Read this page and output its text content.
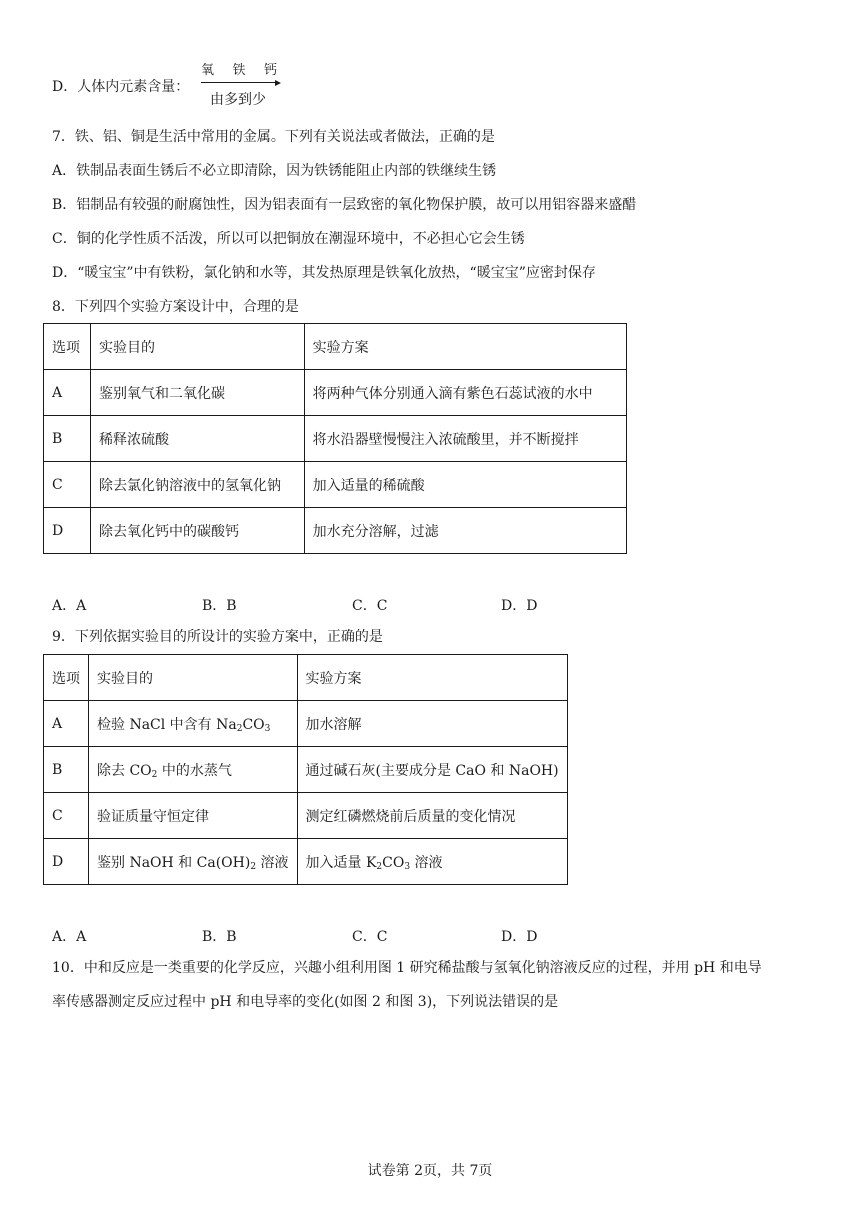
D．人体内元素含量：
氧 铁 钙
由多到少
7．铁、铝、铜是生活中常用的金属。下列有关说法或者做法，正确的是
A．铁制品表面生锈后不必立即清除，因为铁锈能阻止内部的铁继续生锈
B．铝制品有较强的耐腐蚀性，因为铝表面有一层致密的氧化物保护膜，故可以用铝容器来盛醋
C．铜的化学性质不活泼，所以可以把铜放在潮湿环境中，不必担心它会生锈
D．“暖宝宝”中有铁粉，氯化钠和水等，其发热原理是铁氧化放热，“暖宝宝”应密封保存
8．下列四个实验方案设计中，合理的是
选项	实验目的	实验方案
A	鉴别氧气和二氧化碳	将两种气体分别通入滴有紫色石蕊试液的水中
B	稀释浓硫酸	将水沿器壁慢慢注入浓硫酸里，并不断搅拌
C	除去氯化钠溶液中的氢氧化钠	加入适量的稀硫酸
D	除去氧化钙中的碳酸钙	加水充分溶解，过滤
A．A	B．B	C．C	D．D
9．下列依据实验目的所设计的实验方案中，正确的是
选项	实验目的	实验方案
A	检验 NaCl 中含有 $Na_2CO_3$	加水溶解
B	除去 $CO_2$ 中的水蒸气	通过碱石灰(主要成分是 CaO 和 NaOH)
C	验证质量守恒定律	测定红磷燃烧前后质量的变化情况
D	鉴别 NaOH 和 $Ca(OH)_2$ 溶液	加入适量 $K_2CO_3$ 溶液
A．A	B．B	C．C	D．D
10．中和反应是一类重要的化学反应，兴趣小组利用图 1 研究稀盐酸与氢氧化钠溶液反应的过程，并用 pH 和电导
率传感器测定反应过程中 pH 和电导率的变化(如图 2 和图 3)，下列说法错误的是
试卷第 2页，共 7页
